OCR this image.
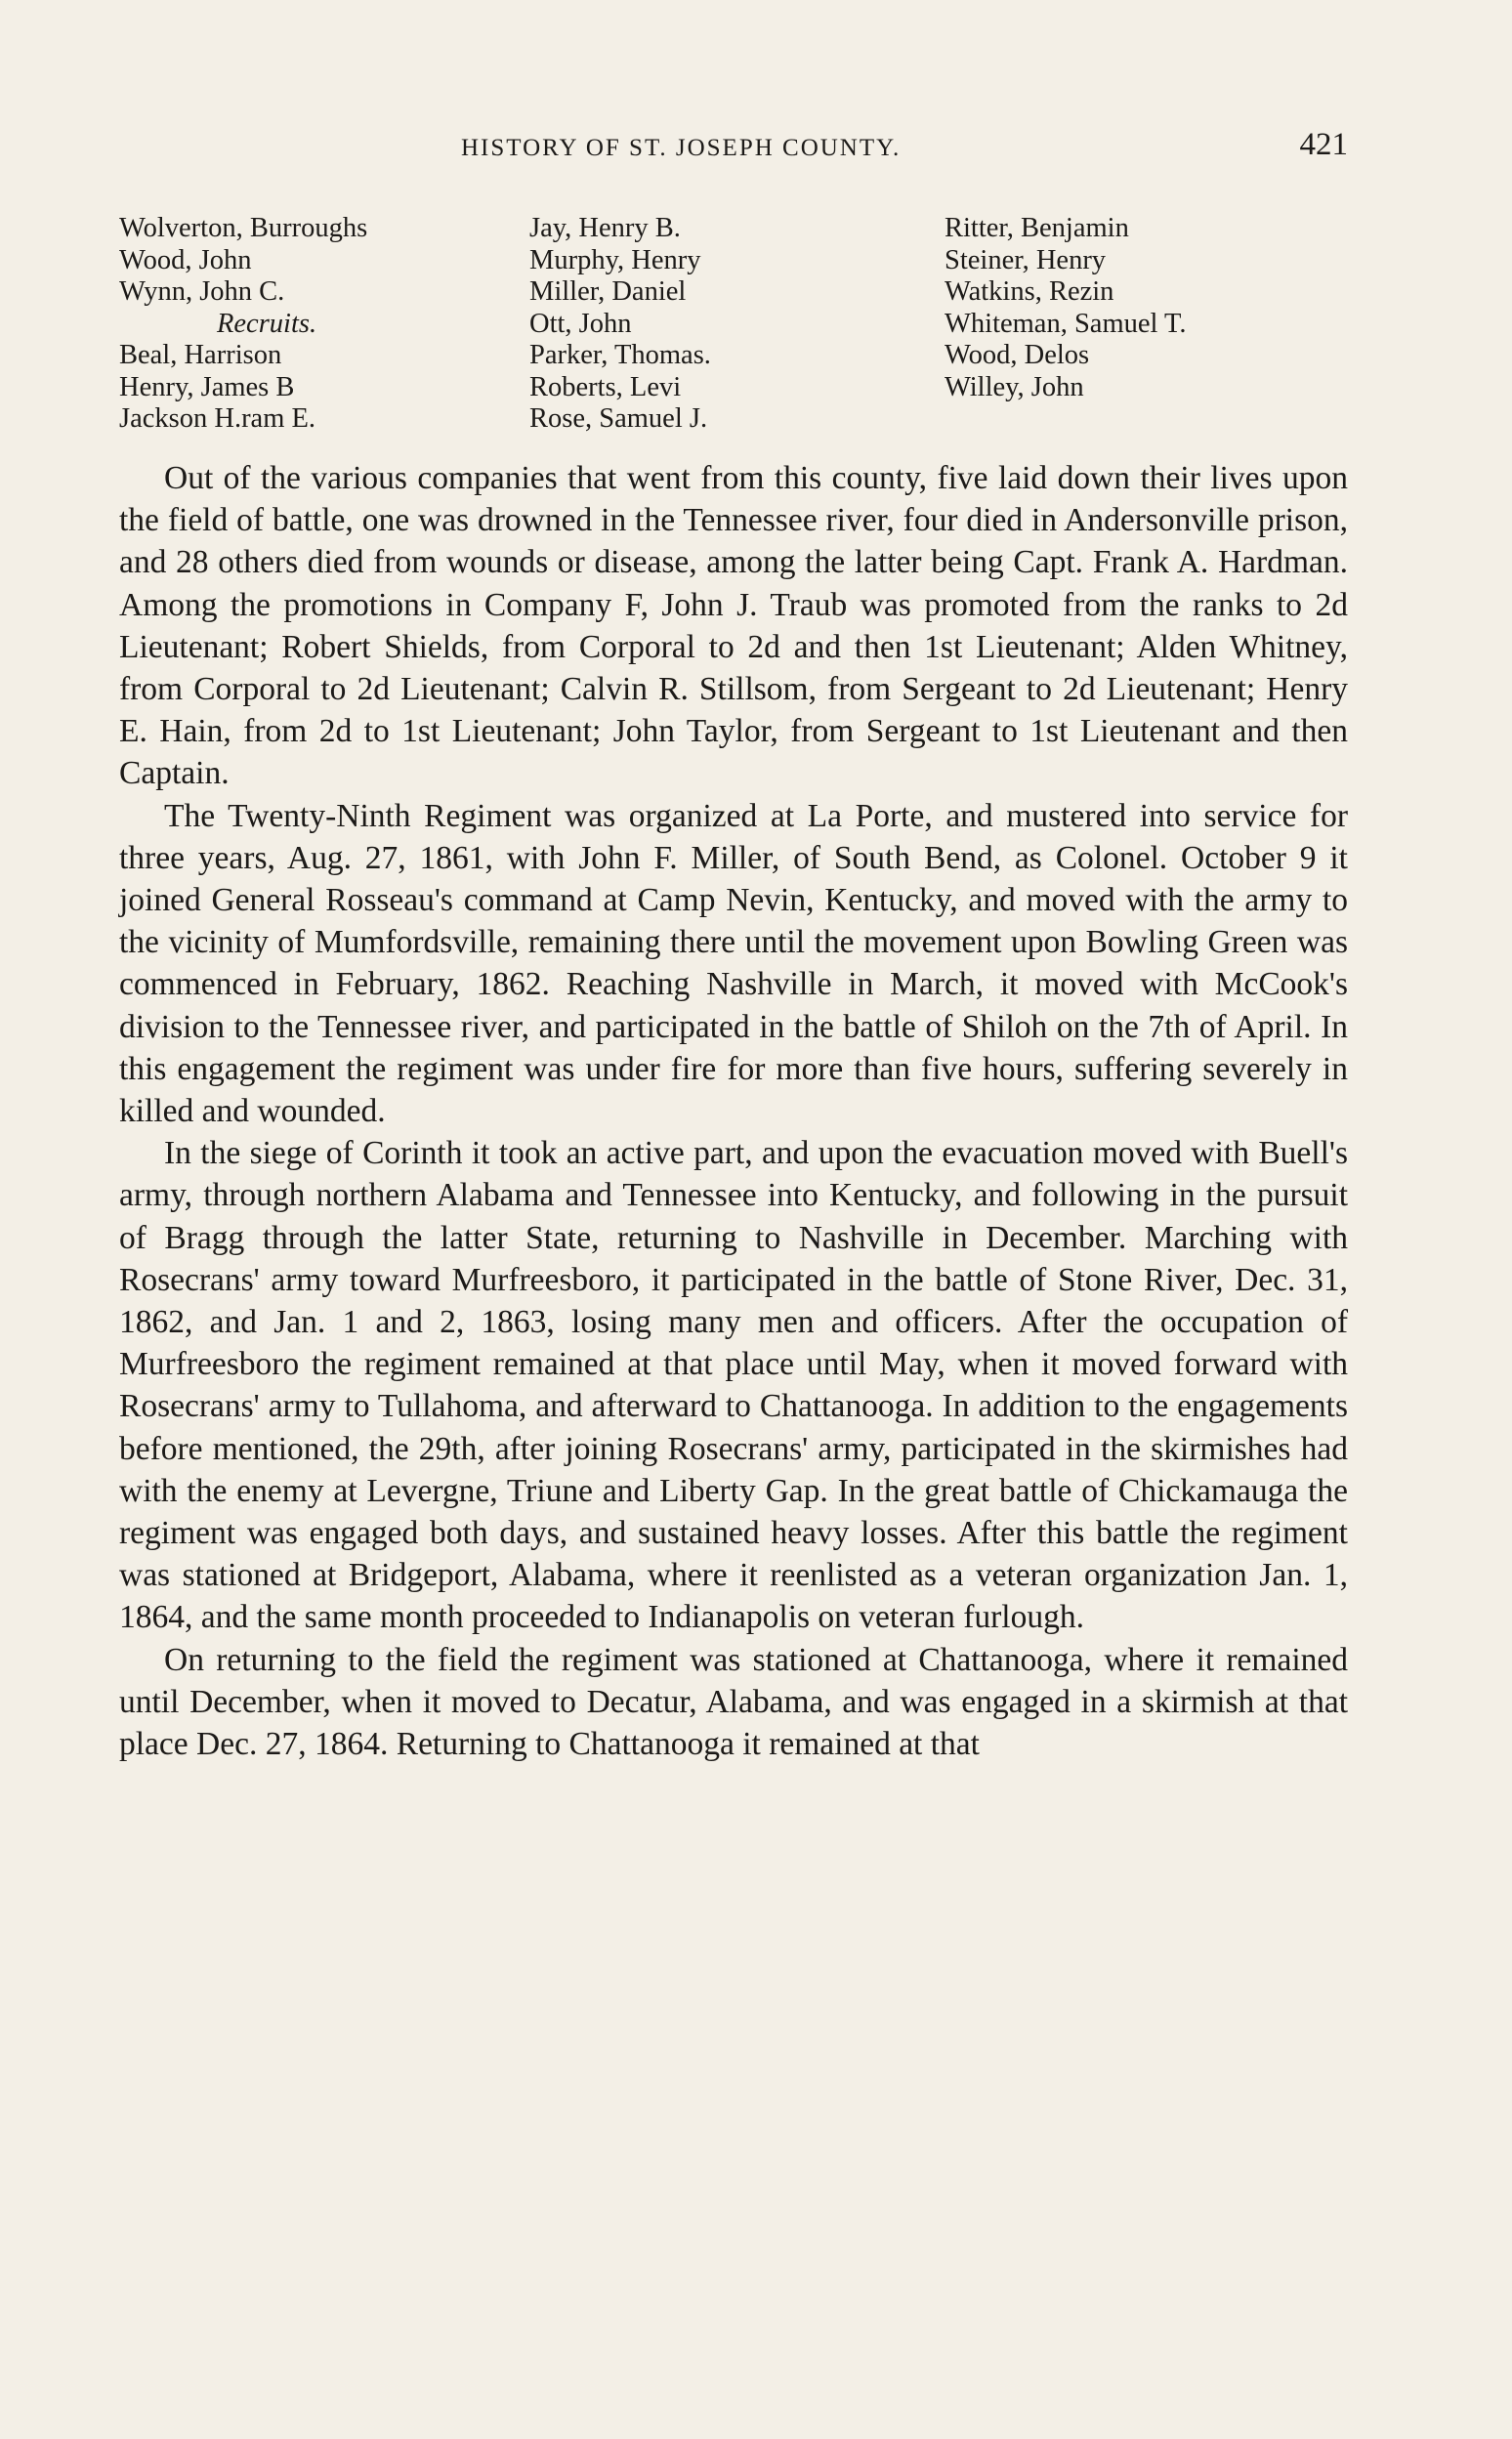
HISTORY OF ST. JOSEPH COUNTY.	421
Wolverton, Burroughs
Wood, John
Wynn, John C.
Recruits.
Beal, Harrison
Henry, James B
Jackson H.ram E.
Jay, Henry B.
Murphy, Henry
Miller, Daniel
Ott, John
Parker, Thomas.
Roberts, Levi
Rose, Samuel J.
Ritter, Benjamin
Steiner, Henry
Watkins, Rezin
Whiteman, Samuel T.
Wood, Delos
Willey, John

Out of the various companies that went from this county, five laid down their lives upon the field of battle, one was drowned in the Tennessee river, four died in Andersonville prison, and 28 others died from wounds or disease, among the latter being Capt. Frank A. Hardman. Among the promotions in Company F, John J. Traub was promoted from the ranks to 2d Lieutenant; Robert Shields, from Corporal to 2d and then 1st Lieutenant; Alden Whitney, from Corporal to 2d Lieutenant; Calvin R. Stillsom, from Sergeant to 2d Lieutenant; Henry E. Hain, from 2d to 1st Lieutenant; John Taylor, from Sergeant to 1st Lieutenant and then Captain.

The Twenty-Ninth Regiment was organized at La Porte, and mustered into service for three years, Aug. 27, 1861, with John F. Miller, of South Bend, as Colonel. October 9 it joined General Rosseau's command at Camp Nevin, Kentucky, and moved with the army to the vicinity of Mumfordsville, remaining there until the movement upon Bowling Green was commenced in February, 1862. Reaching Nashville in March, it moved with McCook's division to the Tennessee river, and participated in the battle of Shiloh on the 7th of April. In this engagement the regiment was under fire for more than five hours, suffering severely in killed and wounded.

In the siege of Corinth it took an active part, and upon the evacuation moved with Buell's army, through northern Alabama and Tennessee into Kentucky, and following in the pursuit of Bragg through the latter State, returning to Nashville in December. Marching with Rosecrans' army toward Murfreesboro, it participated in the battle of Stone River, Dec. 31, 1862, and Jan. 1 and 2, 1863, losing many men and officers. After the occupation of Murfreesboro the regiment remained at that place until May, when it moved forward with Rosecrans' army to Tullahoma, and afterward to Chattanooga. In addition to the engagements before mentioned, the 29th, after joining Rosecrans' army, participated in the skirmishes had with the enemy at Levergne, Triune and Liberty Gap. In the great battle of Chickamauga the regiment was engaged both days, and sustained heavy losses. After this battle the regiment was stationed at Bridgeport, Alabama, where it reenlisted as a veteran organization Jan. 1, 1864, and the same month proceeded to Indianapolis on veteran furlough.

On returning to the field the regiment was stationed at Chattanooga, where it remained until December, when it moved to Decatur, Alabama, and was engaged in a skirmish at that place Dec. 27, 1864. Returning to Chattanooga it remained at that
